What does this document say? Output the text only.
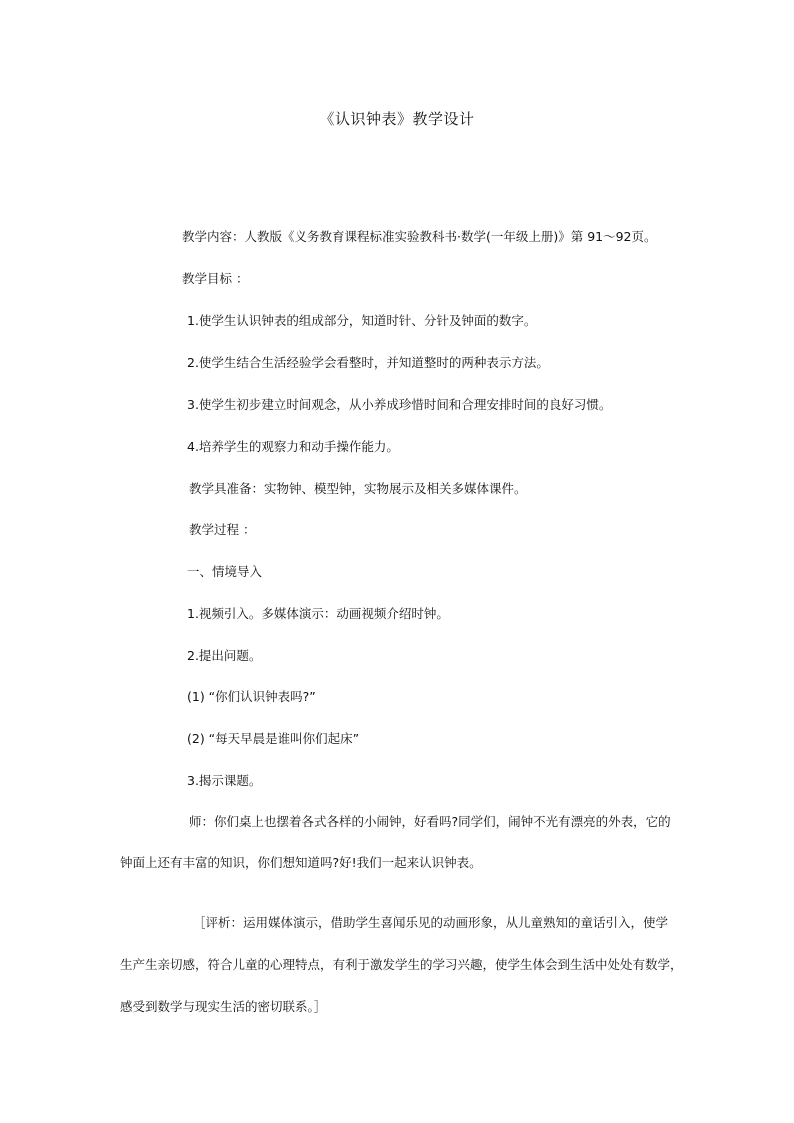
《认识钟表》教学设计

教学内容：人教版《义务教育课程标准实验教科书·数学(一年级上册)》第 91～92页。

教学目标 ：

1.使学生认识钟表的组成部分，知道时针、分针及钟面的数字。

2.使学生结合生活经验学会看整时，并知道整时的两种表示方法。

3.使学生初步建立时间观念，从小养成珍惜时间和合理安排时间的良好习惯。

4.培养学生的观察力和动手操作能力。

教学具准备：实物钟、模型钟，实物展示及相关多媒体课件。

教学过程 ：

一、情境导入

1.视频引入。多媒体演示：动画视频介绍时钟。

2.提出问题。

(1) “你们认识钟表吗?”

(2) “每天早晨是谁叫你们起床”

3.揭示课题。

师：你们桌上也摆着各式各样的小闹钟，好看吗?同学们，闹钟不光有漂亮的外表，它的

钟面上还有丰富的知识，你们想知道吗?好!我们一起来认识钟表。

［评析：运用媒体演示，借助学生喜闻乐见的动画形象，从儿童熟知的童话引入，使学

生产生亲切感，符合儿童的心理特点，有利于激发学生的学习兴趣，使学生体会到生活中处处有数学，

感受到数学与现实生活的密切联系。］
